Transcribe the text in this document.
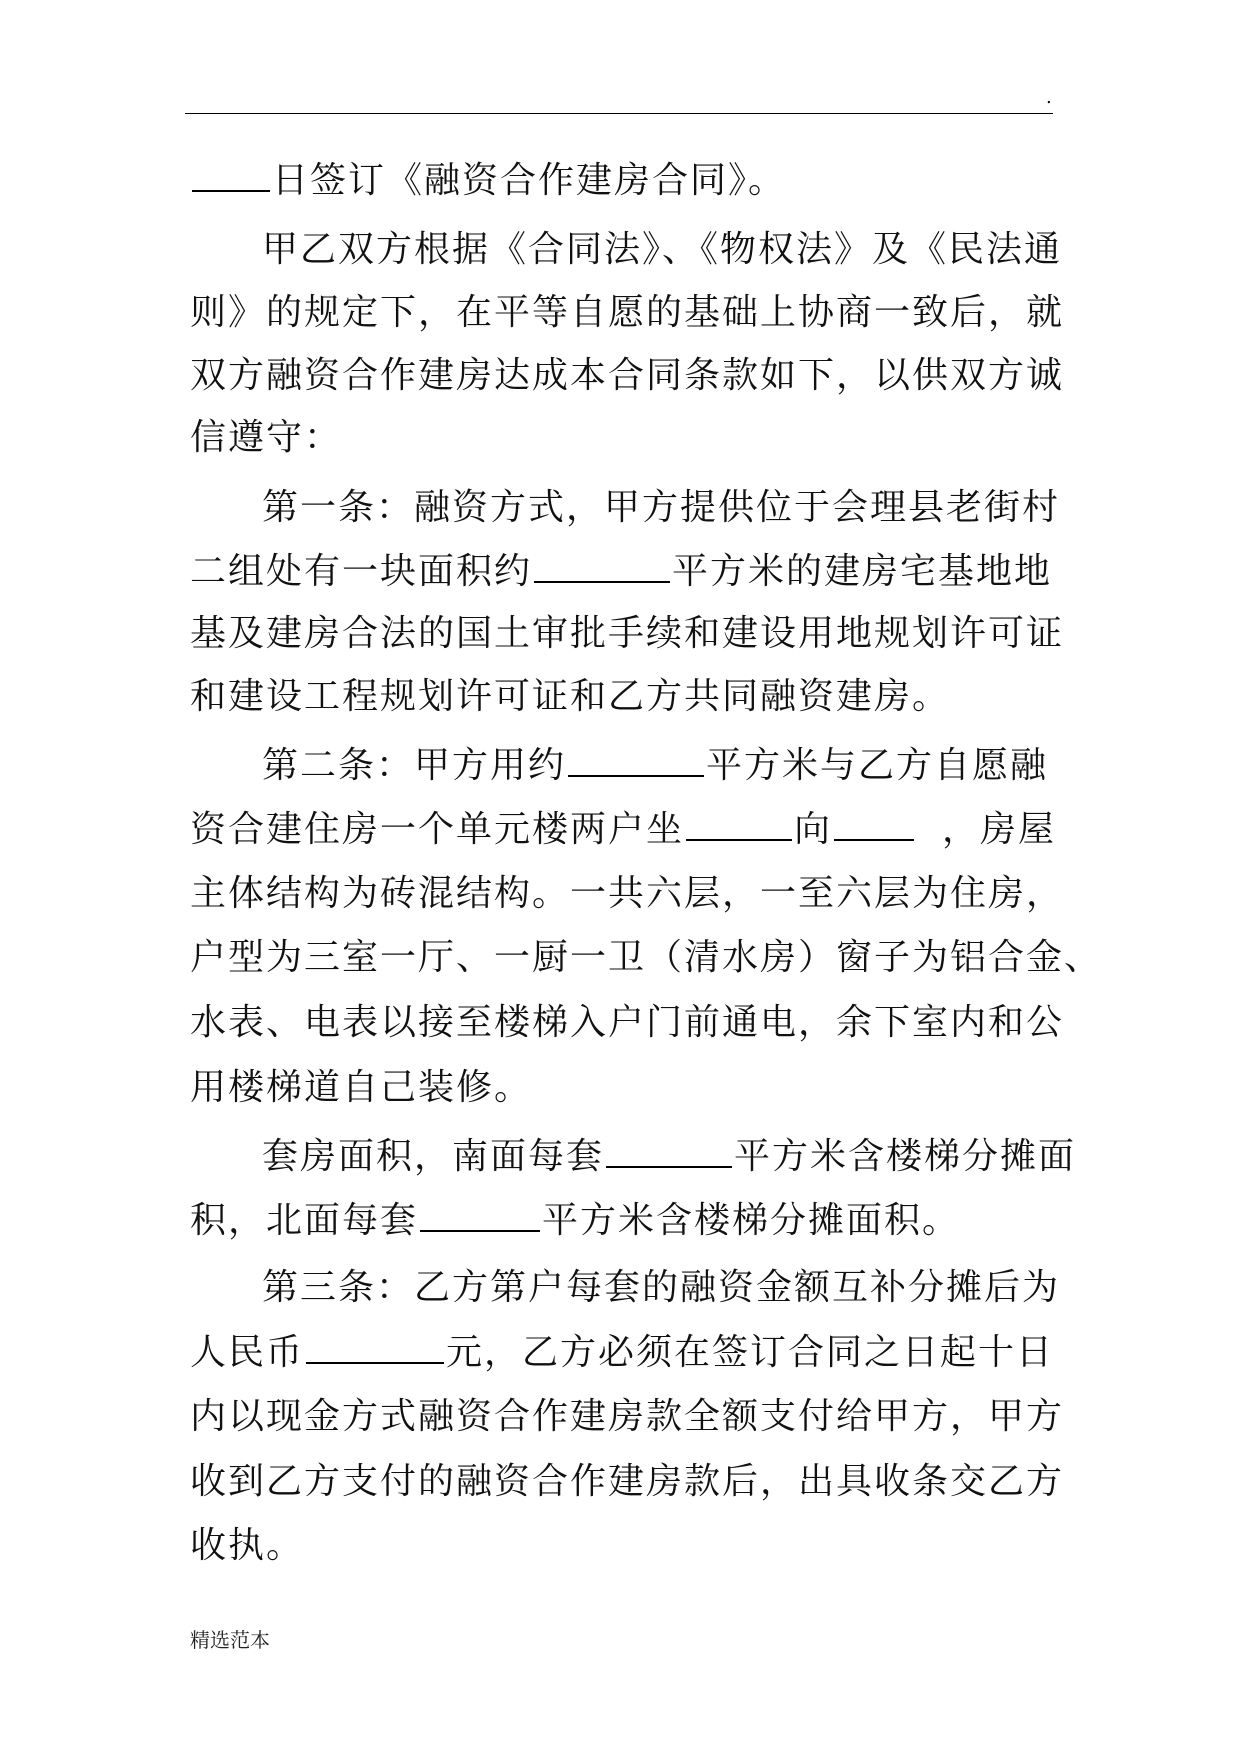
.
日签订《融资合作建房合同》。
甲乙双方根据《合同法》、《物权法》及《民法通
则》的规定下，在平等自愿的基础上协商一致后，就
双方融资合作建房达成本合同条款如下，以供双方诚
信遵守：
第一条：融资方式，甲方提供位于会理县老街村
二组处有一块面积约	平方米的建房宅基地地
基及建房合法的国土审批手续和建设用地规划许可证
和建设工程规划许可证和乙方共同融资建房。
第二条：甲方用约	平方米与乙方自愿融
资合建住房一个单元楼两户坐	向	，房屋
主体结构为砖混结构。一共六层，一至六层为住房，
户型为三室一厅、一厨一卫（清水房）窗子为铝合金、
水表、电表以接至楼梯入户门前通电，余下室内和公
用楼梯道自己装修。
套房面积，南面每套	平方米含楼梯分摊面
积，北面每套	平方米含楼梯分摊面积。
第三条：乙方第户每套的融资金额互补分摊后为
人民币	元，乙方必须在签订合同之日起十日
内以现金方式融资合作建房款全额支付给甲方，甲方
收到乙方支付的融资合作建房款后，出具收条交乙方
收执。
精选范本
